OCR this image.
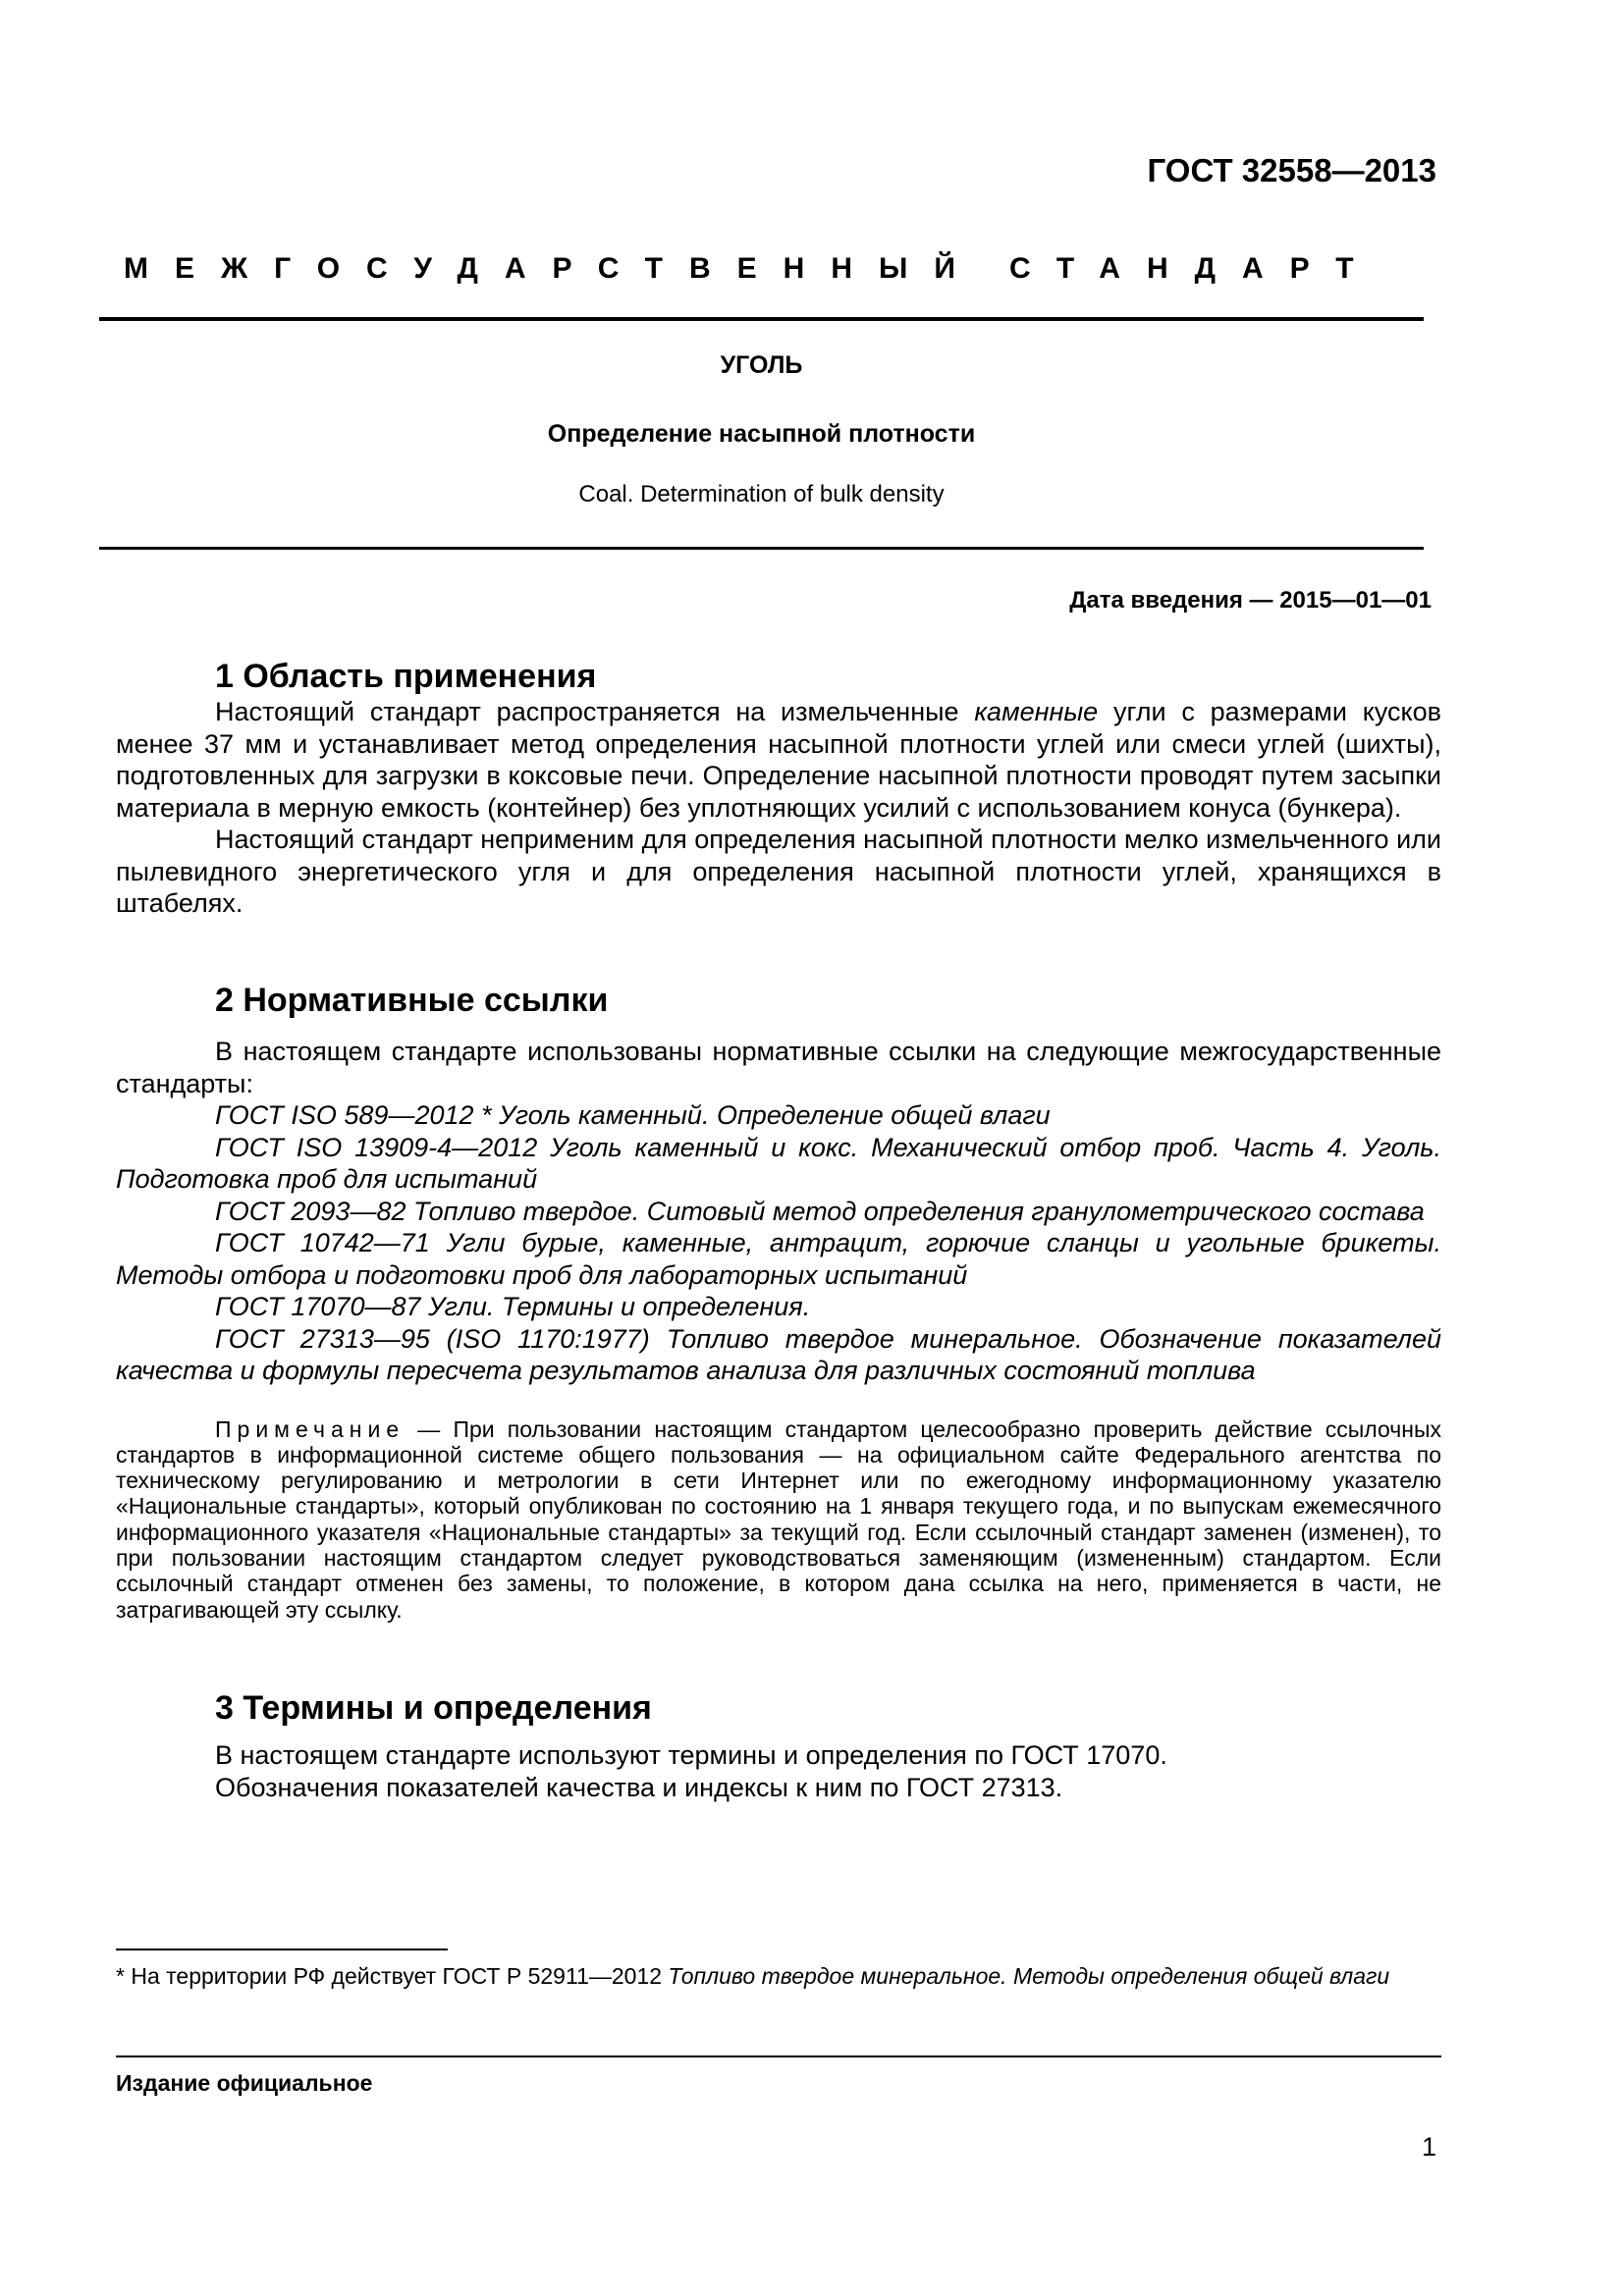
ГОСТ 32558—2013
МЕЖГОСУДАРСТВЕННЫЙ СТАНДАРТ
УГОЛЬ
Определение насыпной плотности
Coal. Determination of bulk density
Дата введения — 2015—01—01
1 Область применения

Настоящий стандарт распространяется на измельченные каменные угли с размерами кусков менее 37 мм и устанавливает метод определения насыпной плотности углей или смеси углей (шихты), подготовленных для загрузки в коксовые печи. Определение насыпной плотности проводят путем засыпки материала в мерную емкость (контейнер) без уплотняющих усилий с использованием конуса (бункера).

Настоящий стандарт неприменим для определения насыпной плотности мелко измельченного или пылевидного энергетического угля и для определения насыпной плотности углей, хранящихся в штабелях.

2 Нормативные ссылки

В настоящем стандарте использованы нормативные ссылки на следующие межгосударственные стандарты:

ГОСТ ISO 589—2012 * Уголь каменный. Определение общей влаги

ГОСТ ISO 13909-4—2012 Уголь каменный и кокс. Механический отбор проб. Часть 4. Уголь. Подготовка проб для испытаний

ГОСТ 2093—82 Топливо твердое. Ситовый метод определения гранулометрического состава

ГОСТ 10742—71 Угли бурые, каменные, антрацит, горючие сланцы и угольные брикеты. Методы отбора и подготовки проб для лабораторных испытаний

ГОСТ 17070—87 Угли. Термины и определения.

ГОСТ 27313—95 (ISO 1170:1977) Топливо твердое минеральное. Обозначение показателей качества и формулы пересчета результатов анализа для различных состояний топлива

Примечание — При пользовании настоящим стандартом целесообразно проверить действие ссылочных стандартов в информационной системе общего пользования — на официальном сайте Федерального агентства по техническому регулированию и метрологии в сети Интернет или по ежегодному информационному указателю «Национальные стандарты», который опубликован по состоянию на 1 января текущего года, и по выпускам ежемесячного информационного указателя «Национальные стандарты» за текущий год. Если ссылочный стандарт заменен (изменен), то при пользовании настоящим стандартом следует руководствоваться заменяющим (измененным) стандартом. Если ссылочный стандарт отменен без замены, то положение, в котором дана ссылка на него, применяется в части, не затрагивающей эту ссылку.

3 Термины и определения

В настоящем стандарте используют термины и определения по ГОСТ 17070.

Обозначения показателей качества и индексы к ним по ГОСТ 27313.

* На территории РФ действует ГОСТ Р 52911—2012 Топливо твердое минеральное. Методы определения общей влаги
Издание официальное
1
